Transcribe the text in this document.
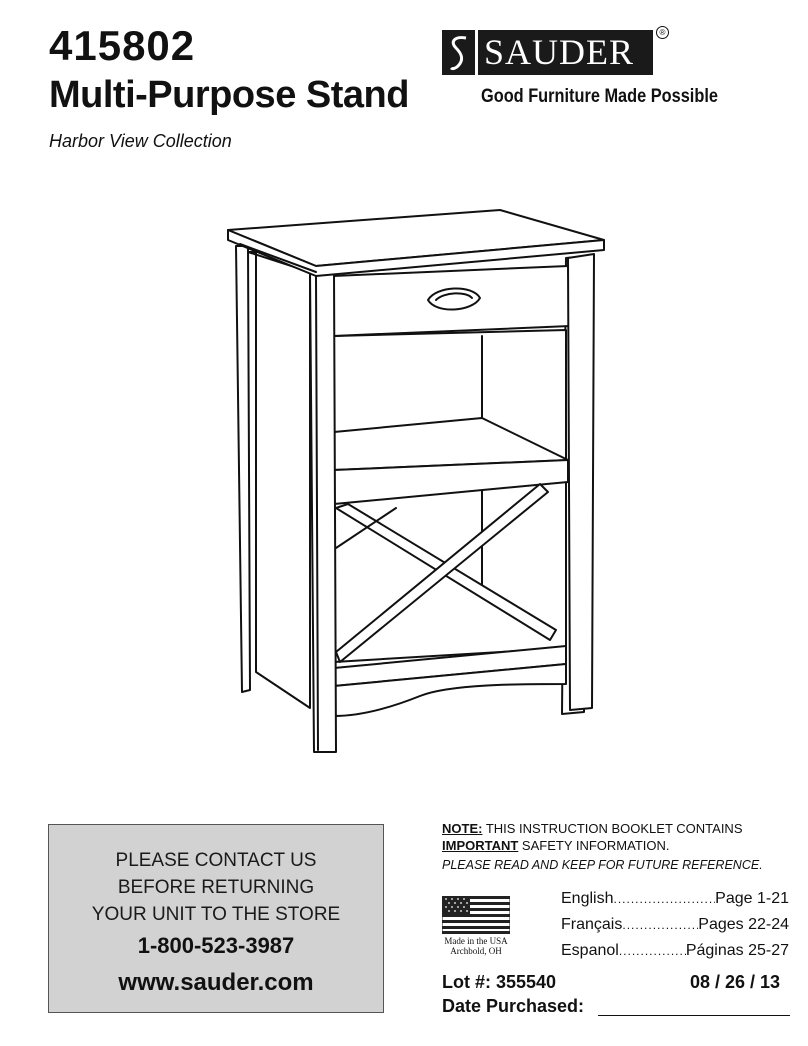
415802
Multi-Purpose Stand
Harbor View Collection
SAUDER	®
Good Furniture Made Possible
PLEASE CONTACT US
BEFORE RETURNING
YOUR UNIT TO THE STORE
1-800-523-3987
www.sauder.com
NOTE: THIS INSTRUCTION BOOKLET CONTAINS
IMPORTANT SAFETY INFORMATION.
PLEASE READ AND KEEP FOR FUTURE REFERENCE.
Made in the USA
Archbold, OH
English .....	Page 1-21
Français .....	Pages 22-24
Espanol .....	Páginas 25-27
Lot #: 355540	08 / 26 / 13
Date Purchased:
